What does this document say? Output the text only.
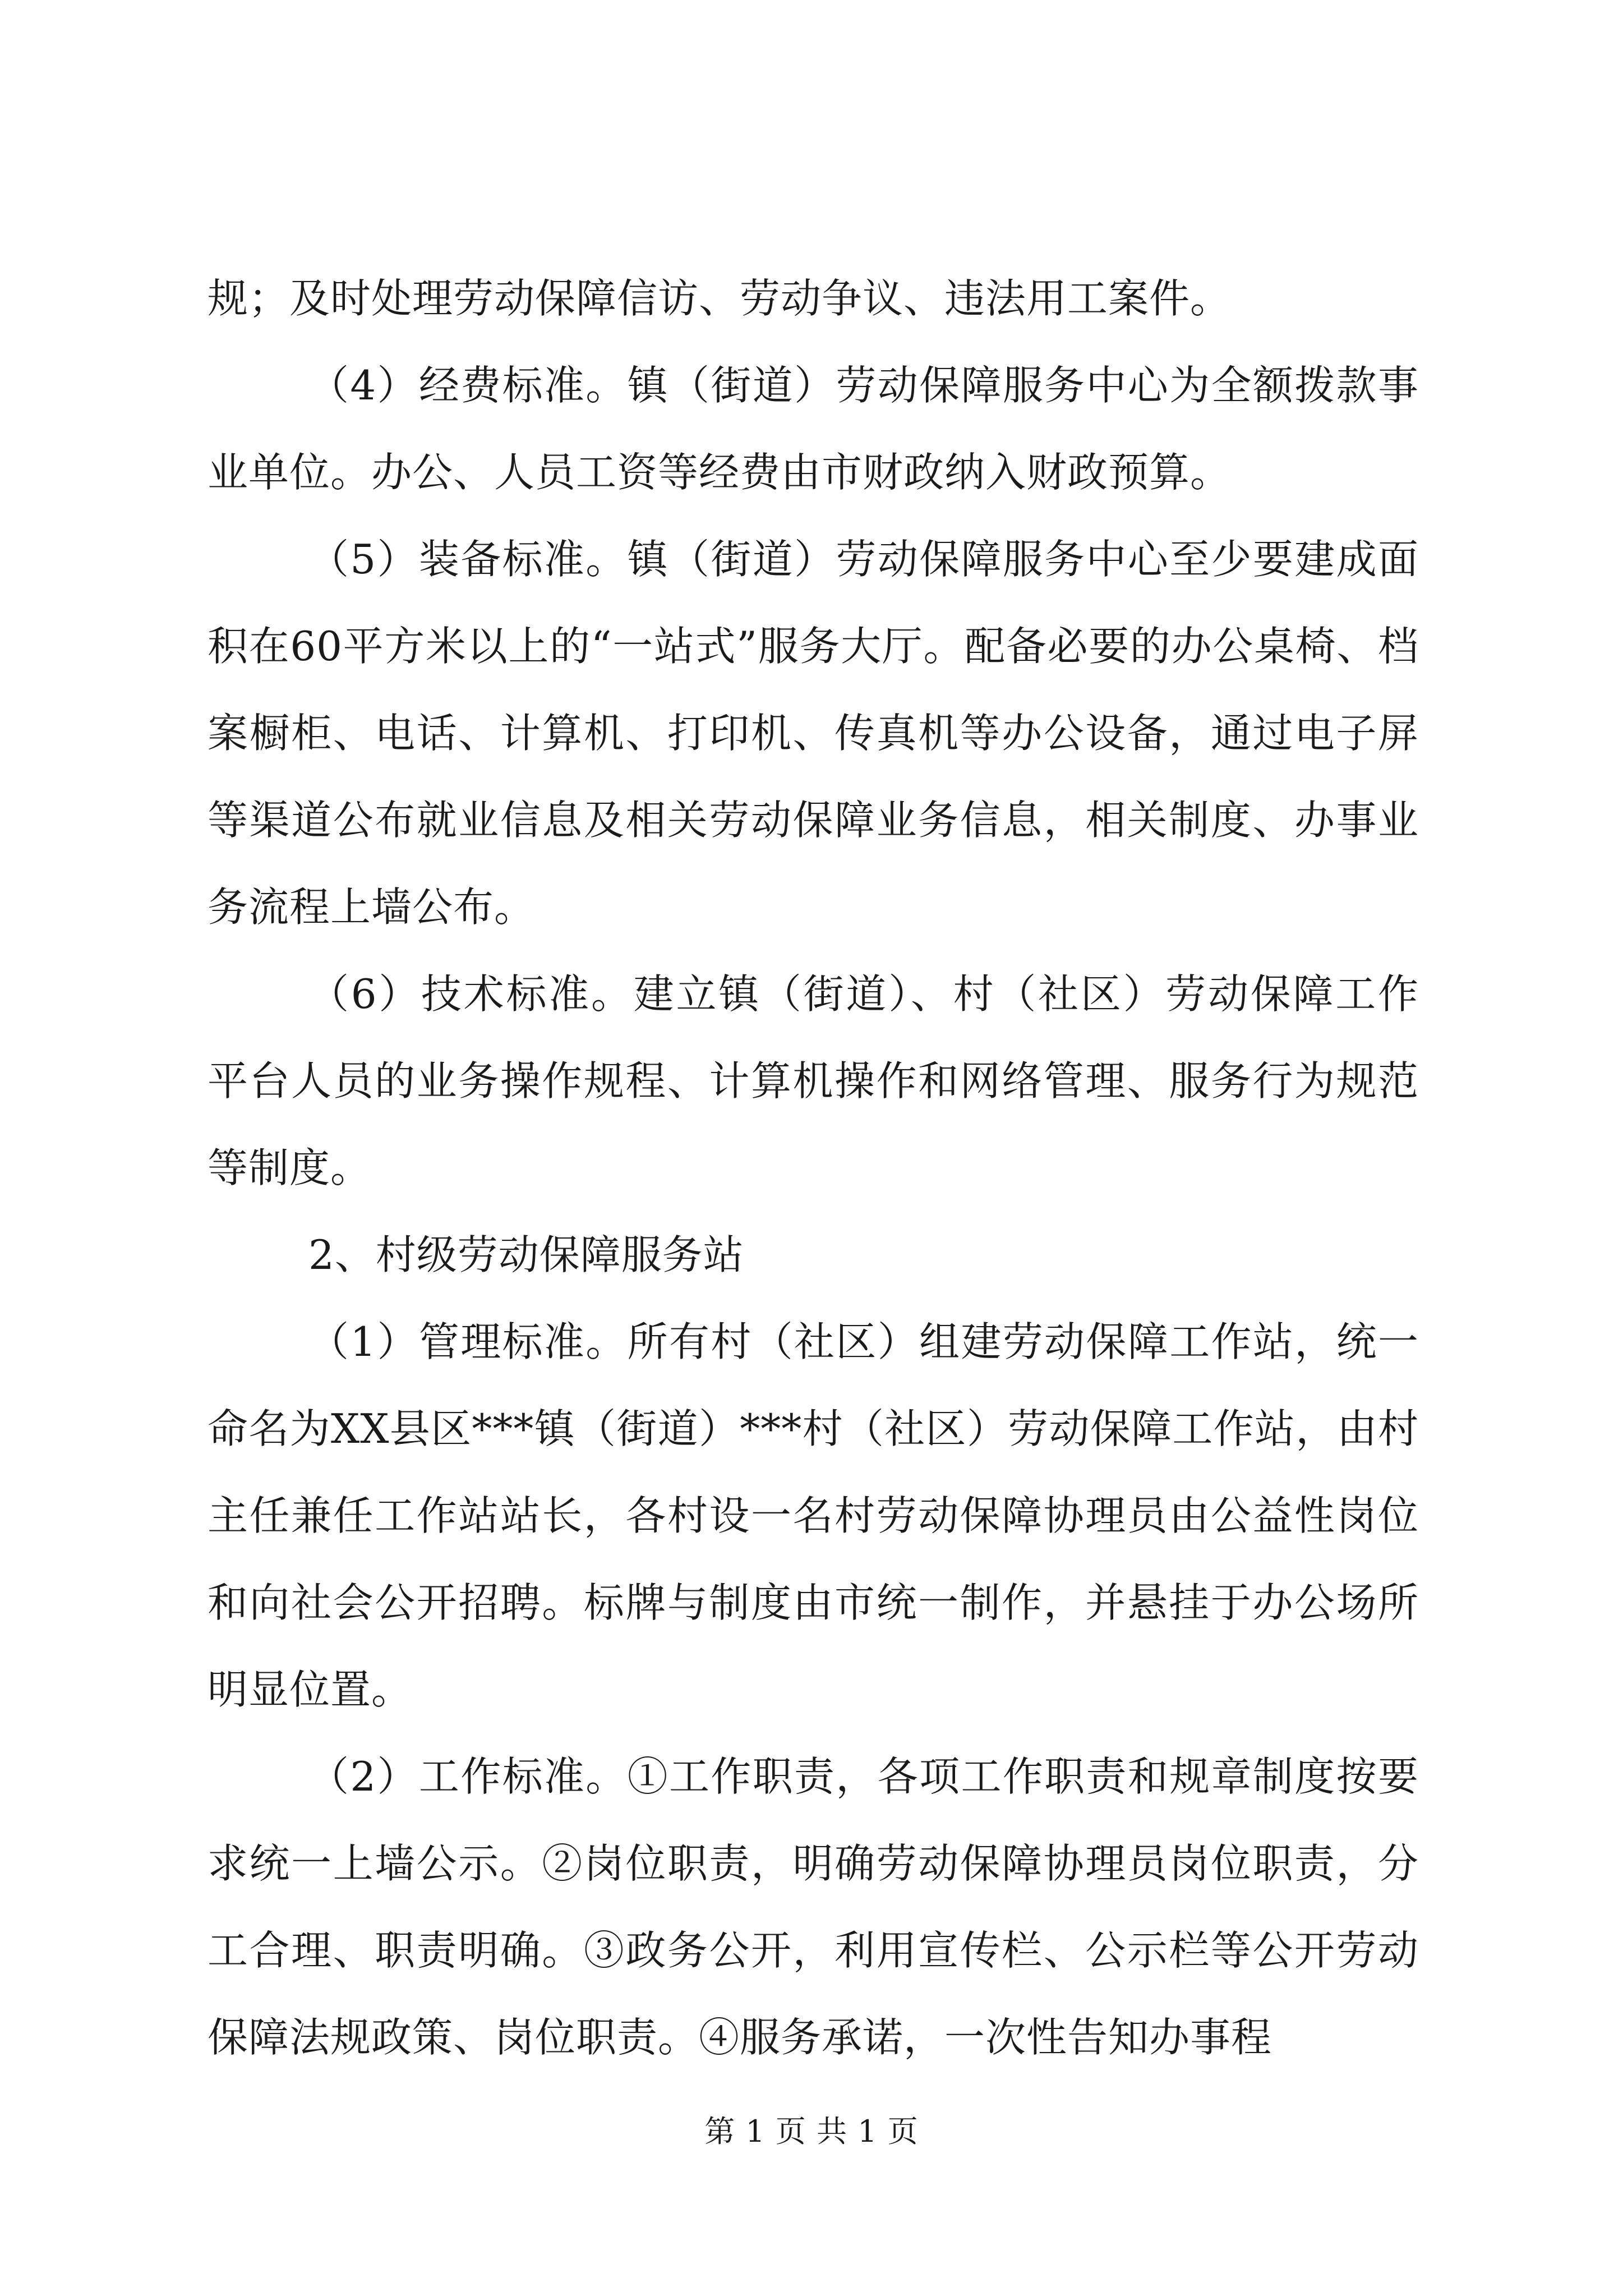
规；及时处理劳动保障信访、劳动争议、违法用工案件。

（4）经费标准。镇（街道）劳动保障服务中心为全额拨款事业单位。办公、人员工资等经费由市财政纳入财政预算。

（5）装备标准。镇（街道）劳动保障服务中心至少要建成面积在60平方米以上的“一站式”服务大厅。配备必要的办公桌椅、档案橱柜、电话、计算机、打印机、传真机等办公设备，通过电子屏等渠道公布就业信息及相关劳动保障业务信息，相关制度、办事业务流程上墙公布。

（6）技术标准。建立镇（街道）、村（社区）劳动保障工作平台人员的业务操作规程、计算机操作和网络管理、服务行为规范等制度。

2、村级劳动保障服务站

（1）管理标准。所有村（社区）组建劳动保障工作站，统一命名为XX县区***镇（街道）***村（社区）劳动保障工作站，由村主任兼任工作站站长，各村设一名村劳动保障协理员由公益性岗位和向社会公开招聘。标牌与制度由市统一制作，并悬挂于办公场所明显位置。

（2）工作标准。①工作职责，各项工作职责和规章制度按要求统一上墙公示。②岗位职责，明确劳动保障协理员岗位职责，分工合理、职责明确。③政务公开，利用宣传栏、公示栏等公开劳动保障法规政策、岗位职责。④服务承诺，一次性告知办事程

第 1 页 共 1 页
